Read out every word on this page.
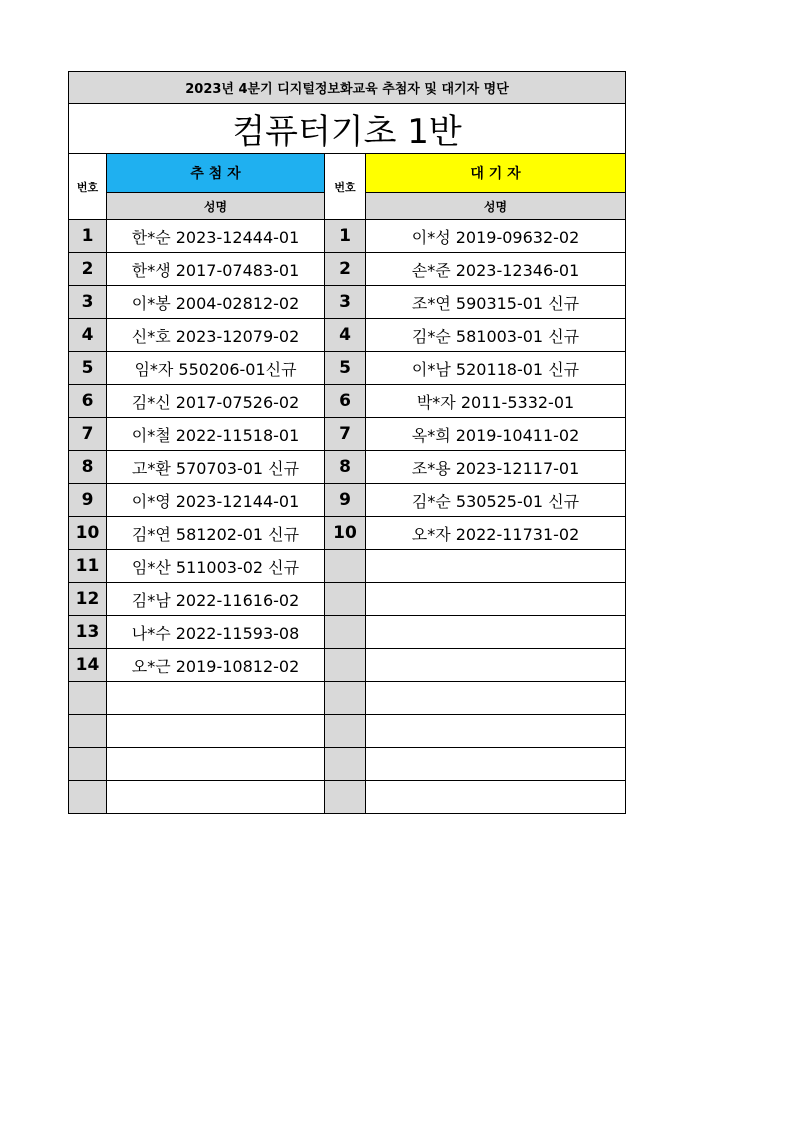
2023년 4분기 디지털정보화교육 추첨자 및 대기자 명단			
컴퓨터기초 1반			
번호	추 첨 자	번호	대 기 자
	성명		성명
1	한*순 2023-12444-01	1	이*성 2019-09632-02
2	한*생 2017-07483-01	2	손*준 2023-12346-01
3	이*봉 2004-02812-02	3	조*연 590315-01 신규
4	신*호 2023-12079-02	4	김*순 581003-01 신규
5	임*자 550206-01신규	5	이*남 520118-01 신규
6	김*신 2017-07526-02	6	박*자 2011-5332-01
7	이*철 2022-11518-01	7	옥*희 2019-10411-02
8	고*환 570703-01 신규	8	조*용 2023-12117-01
9	이*영 2023-12144-01	9	김*순 530525-01 신규
10	김*연 581202-01 신규	10	오*자 2022-11731-02
11	임*산 511003-02 신규		
12	김*남 2022-11616-02		
13	나*수 2022-11593-08		
14	오*근 2019-10812-02		
